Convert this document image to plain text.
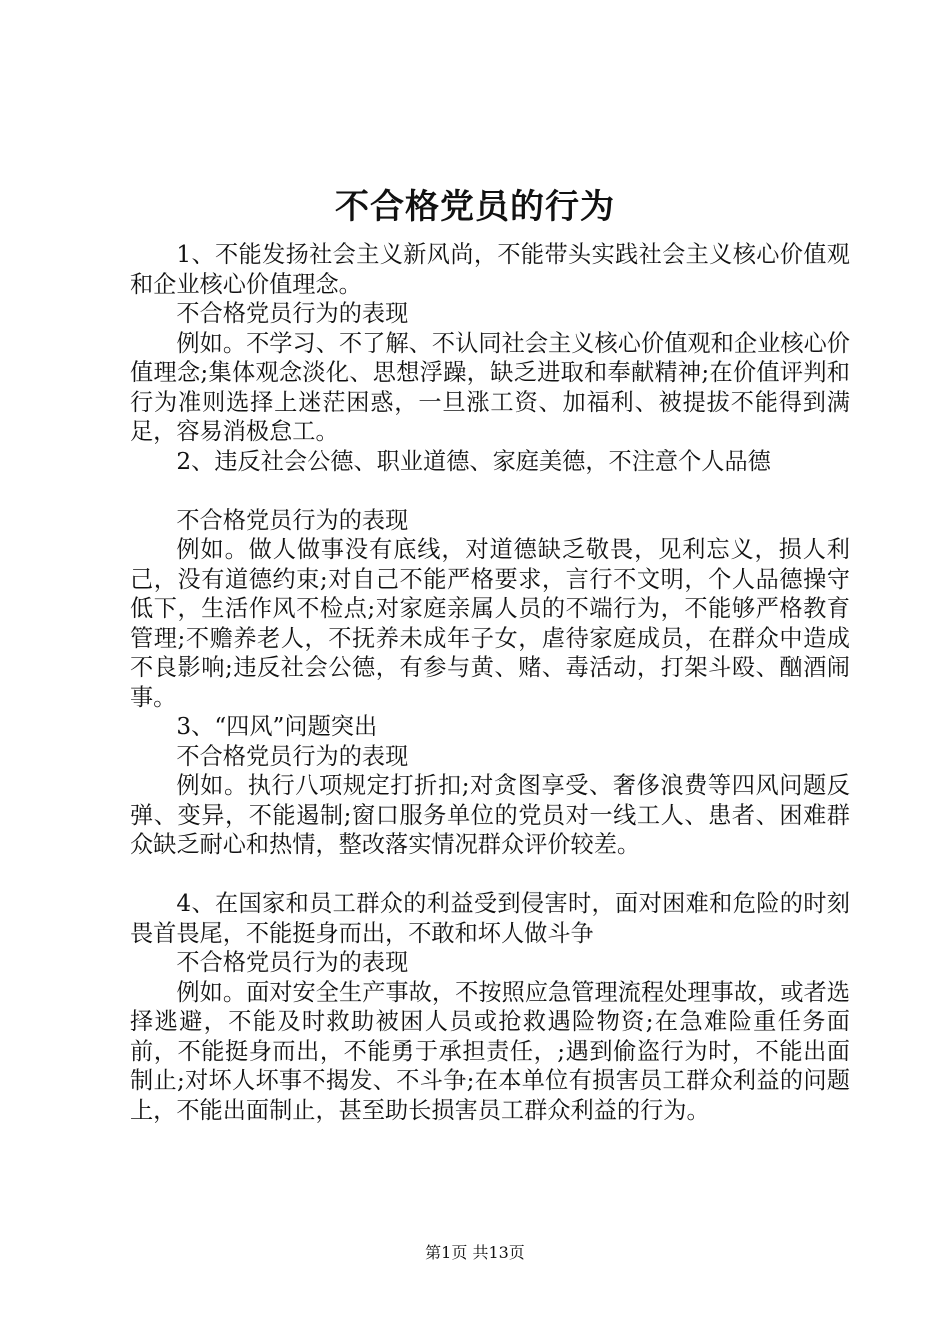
不合格党员的行为

1、不能发扬社会主义新风尚，不能带头实践社会主义核心价值观和企业核心价值理念。

不合格党员行为的表现

例如。不学习、不了解、不认同社会主义核心价值观和企业核心价值理念;集体观念淡化、思想浮躁，缺乏进取和奉献精神;在价值评判和行为准则选择上迷茫困惑，一旦涨工资、加福利、被提拔不能得到满足，容易消极怠工。

2、违反社会公德、职业道德、家庭美德，不注意个人品德

不合格党员行为的表现

例如。做人做事没有底线，对道德缺乏敬畏，见利忘义，损人利己，没有道德约束;对自己不能严格要求，言行不文明，个人品德操守低下，生活作风不检点;对家庭亲属人员的不端行为，不能够严格教育管理;不赡养老人，不抚养未成年子女，虐待家庭成员，在群众中造成不良影响;违反社会公德，有参与黄、赌、毒活动，打架斗殴、酗酒闹事。

3、“四风”问题突出

不合格党员行为的表现

例如。执行八项规定打折扣;对贪图享受、奢侈浪费等四风问题反弹、变异，不能遏制;窗口服务单位的党员对一线工人、患者、困难群众缺乏耐心和热情，整改落实情况群众评价较差。

4、在国家和员工群众的利益受到侵害时，面对困难和危险的时刻畏首畏尾，不能挺身而出，不敢和坏人做斗争

不合格党员行为的表现

例如。面对安全生产事故，不按照应急管理流程处理事故，或者选择逃避，不能及时救助被困人员或抢救遇险物资;在急难险重任务面前，不能挺身而出，不能勇于承担责任，;遇到偷盗行为时，不能出面制止;对坏人坏事不揭发、不斗争;在本单位有损害员工群众利益的问题上，不能出面制止，甚至助长损害员工群众利益的行为。

第1页 共13页
